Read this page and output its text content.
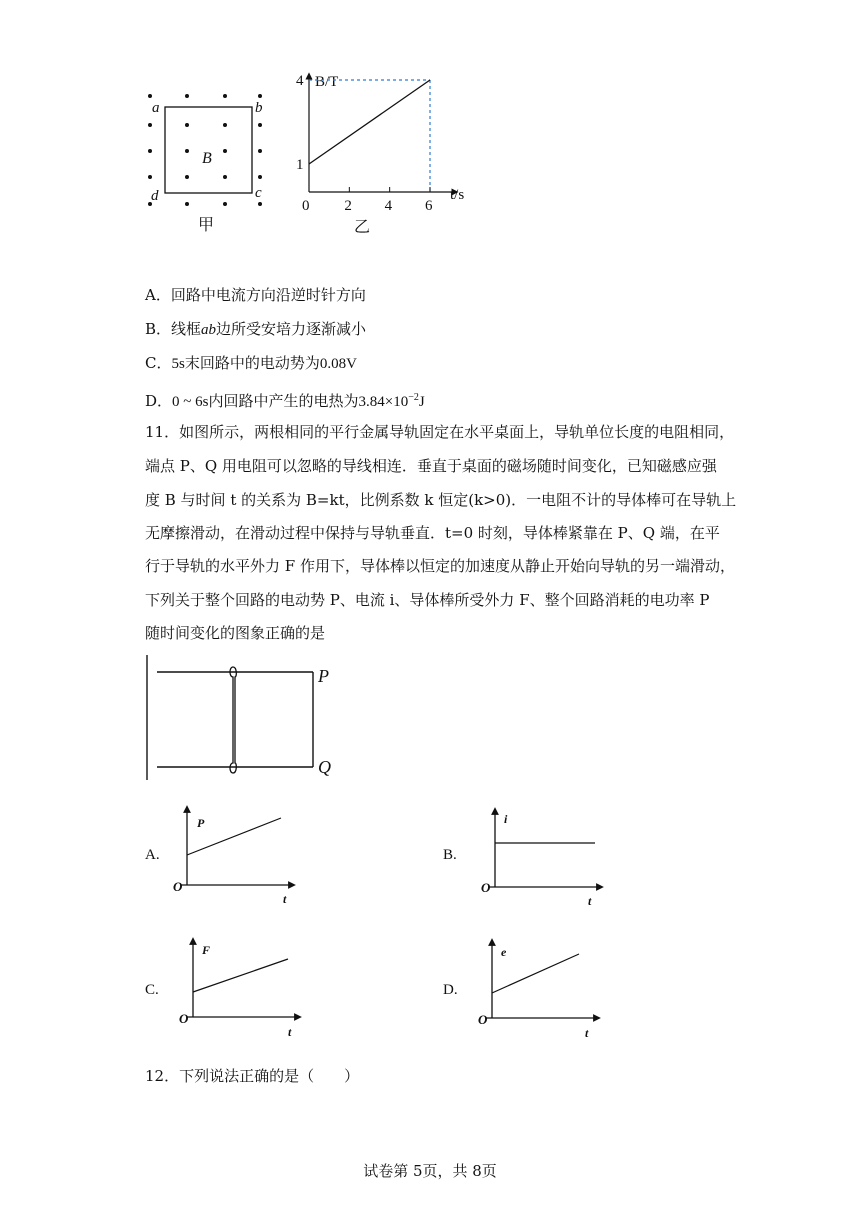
a	b
c
d
B
甲
B/T
t/s
乙
0 2 4 6
1
4
A．回路中电流方向沿逆时针方向
B．线框ab边所受安培力逐渐减小
C．5s末回路中的电动势为0.08V
D．0 ~ 6s内回路中产生的电热为$3.84\times 10^{-2}J$
11．如图所示，两根相同的平行金属导轨固定在水平桌面上，导轨单位长度的电阻相同，
端点 P、Q 用电阻可以忽略的导线相连．垂直于桌面的磁场随时间变化，已知磁感应强
度 B 与时间 t 的关系为 B=kt，比例系数 k 恒定(k>0)．一电阻不计的导体棒可在导轨上
无摩擦滑动，在滑动过程中保持与导轨垂直．t=0 时刻，导体棒紧靠在 P、Q 端，在平
行于导轨的水平外力 F 作用下，导体棒以恒定的加速度从静止开始向导轨的另一端滑动，
下列关于整个回路的电动势 P、电流 i、导体棒所受外力 F、整个回路消耗的电功率 P
随时间变化的图象正确的是
P
Q
A.
P
O
t
B.
i
O
t
C.
F
O
t
D.
e
O
t
12．下列说法正确的是（　　）
试卷第 5页，共 8页
